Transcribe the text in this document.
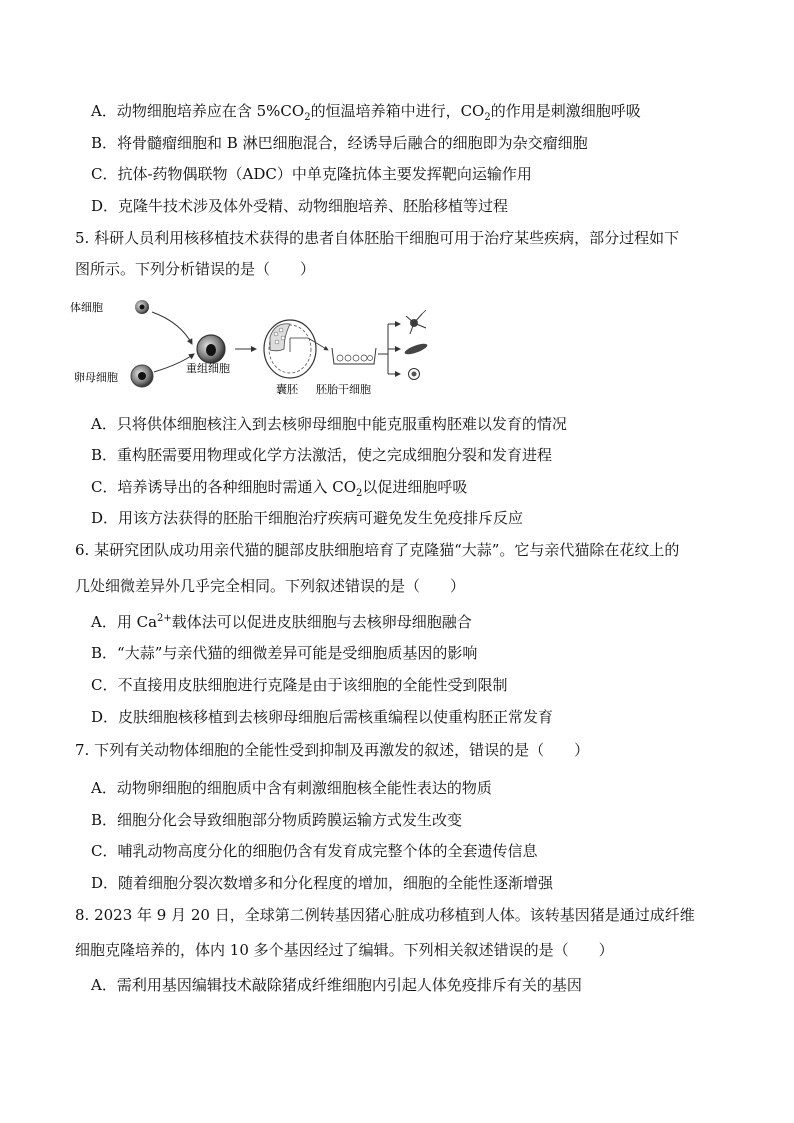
A．动物细胞培养应在含 $5\%CO_2$的恒温培养箱中进行，$CO_2$的作用是刺激细胞呼吸
B．将骨髓瘤细胞和 B 淋巴细胞混合，经诱导后融合的细胞即为杂交瘤细胞
C．抗体-药物偶联物（ADC）中单克隆抗体主要发挥靶向运输作用
D．克隆牛技术涉及体外受精、动物细胞培养、胚胎移植等过程
5. 科研人员利用核移植技术获得的患者自体胚胎干细胞可用于治疗某些疾病，部分过程如下
图所示。下列分析错误的是（　　）
体细胞
卵母细胞
重组细胞
囊胚 胚胎干细胞
A．只将供体细胞核注入到去核卵母细胞中能克服重构胚难以发育的情况
B．重构胚需要用物理或化学方法激活，使之完成细胞分裂和发育进程
C．培养诱导出的各种细胞时需通入 $CO_2$以促进细胞呼吸
D．用该方法获得的胚胎干细胞治疗疾病可避免发生免疫排斥反应
6. 某研究团队成功用亲代猫的腿部皮肤细胞培育了克隆猫“大蒜”。它与亲代猫除在花纹上的
几处细微差异外几乎完全相同。下列叙述错误的是（　　）
A．用 $Ca^{2+}$载体法可以促进皮肤细胞与去核卵母细胞融合
B．“大蒜”与亲代猫的细微差异可能是受细胞质基因的影响
C．不直接用皮肤细胞进行克隆是由于该细胞的全能性受到限制
D．皮肤细胞核移植到去核卵母细胞后需核重编程以使重构胚正常发育
7. 下列有关动物体细胞的全能性受到抑制及再激发的叙述，错误的是（　　）
A．动物卵细胞的细胞质中含有刺激细胞核全能性表达的物质
B．细胞分化会导致细胞部分物质跨膜运输方式发生改变
C．哺乳动物高度分化的细胞仍含有发育成完整个体的全套遗传信息
D．随着细胞分裂次数增多和分化程度的增加，细胞的全能性逐渐增强
8. 2023 年 9 月 20 日，全球第二例转基因猪心脏成功移植到人体。该转基因猪是通过成纤维
细胞克隆培养的，体内 10 多个基因经过了编辑。下列相关叙述错误的是（　　）
A．需利用基因编辑技术敲除猪成纤维细胞内引起人体免疫排斥有关的基因
